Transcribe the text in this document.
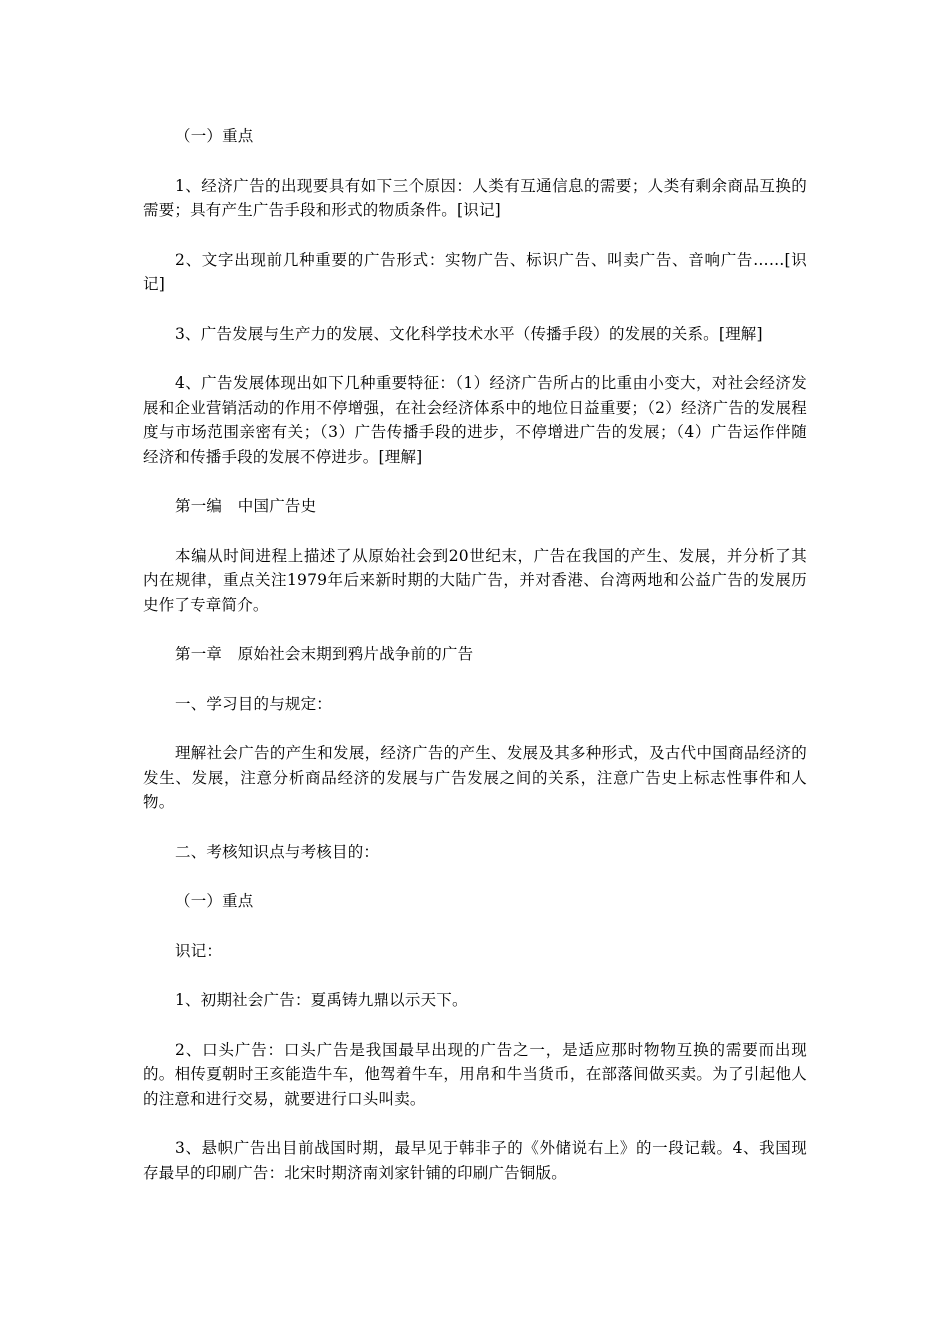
（一）重点

1、经济广告的出现要具有如下三个原因：人类有互通信息的需要；人类有剩余商品互换的需要；具有产生广告手段和形式的物质条件。[识记]

2、文字出现前几种重要的广告形式：实物广告、标识广告、叫卖广告、音响广告……[识记]

3、广告发展与生产力的发展、文化科学技术水平（传播手段）的发展的关系。[理解]

4、广告发展体现出如下几种重要特征：（1）经济广告所占的比重由小变大，对社会经济发展和企业营销活动的作用不停增强，在社会经济体系中的地位日益重要；（2）经济广告的发展程度与市场范围亲密有关；（3）广告传播手段的进步，不停增进广告的发展；（4）广告运作伴随经济和传播手段的发展不停进步。[理解]

第一编　中国广告史

本编从时间进程上描述了从原始社会到20世纪末，广告在我国的产生、发展，并分析了其内在规律，重点关注1979年后来新时期的大陆广告，并对香港、台湾两地和公益广告的发展历史作了专章简介。

第一章　原始社会末期到鸦片战争前的广告

一、学习目的与规定：

理解社会广告的产生和发展，经济广告的产生、发展及其多种形式，及古代中国商品经济的发生、发展，注意分析商品经济的发展与广告发展之间的关系，注意广告史上标志性事件和人物。

二、考核知识点与考核目的：

（一）重点

识记：

1、初期社会广告：夏禹铸九鼎以示天下。

2、口头广告：口头广告是我国最早出现的广告之一，是适应那时物物互换的需要而出现的。相传夏朝时王亥能造牛车，他驾着牛车，用帛和牛当货币，在部落间做买卖。为了引起他人的注意和进行交易，就要进行口头叫卖。

3、悬帜广告出目前战国时期，最早见于韩非子的《外储说右上》的一段记载。4、我国现存最早的印刷广告：北宋时期济南刘家针铺的印刷广告铜版。
